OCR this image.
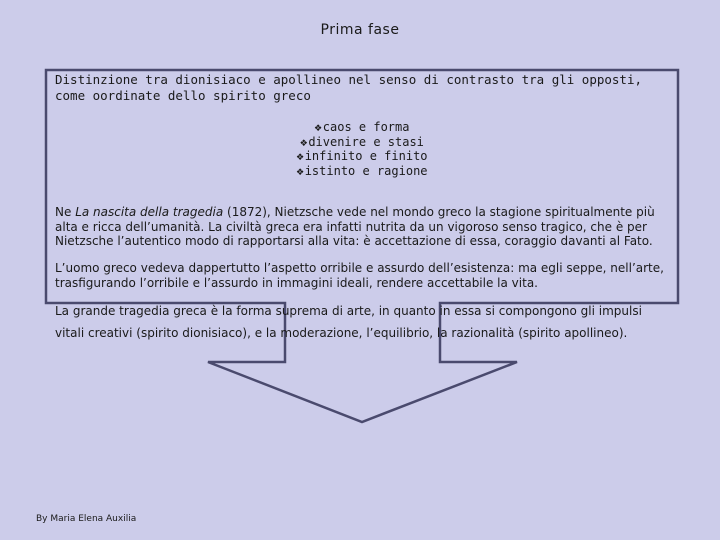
Prima fase

Distinzione tra dionisiaco e apollineo nel senso di contrasto tra gli opposti, come oordinate dello spirito greco

❖caos e forma
❖divenire e stasi
❖infinito e finito
❖istinto e ragione

Ne La nascita della tragedia (1872), Nietzsche vede nel mondo greco la stagione spiritualmente più alta e ricca dell’umanità. La civiltà greca era infatti nutrita da un vigoroso senso tragico, che è per Nietzsche l’autentico modo di rapportarsi alla vita: è accettazione di essa, coraggio davanti al Fato.

L’uomo greco vedeva dappertutto l’aspetto orribile e assurdo dell’esistenza: ma egli seppe, nell’arte, trasfigurando l’orribile e l’assurdo in immagini ideali, rendere accettabile la vita.

La grande tragedia greca è la forma suprema di arte, in quanto in essa si compongono gli impulsi vitali creativi (spirito dionisiaco), e la moderazione, l’equilibrio, la razionalità (spirito apollineo).

By Maria Elena Auxilia
